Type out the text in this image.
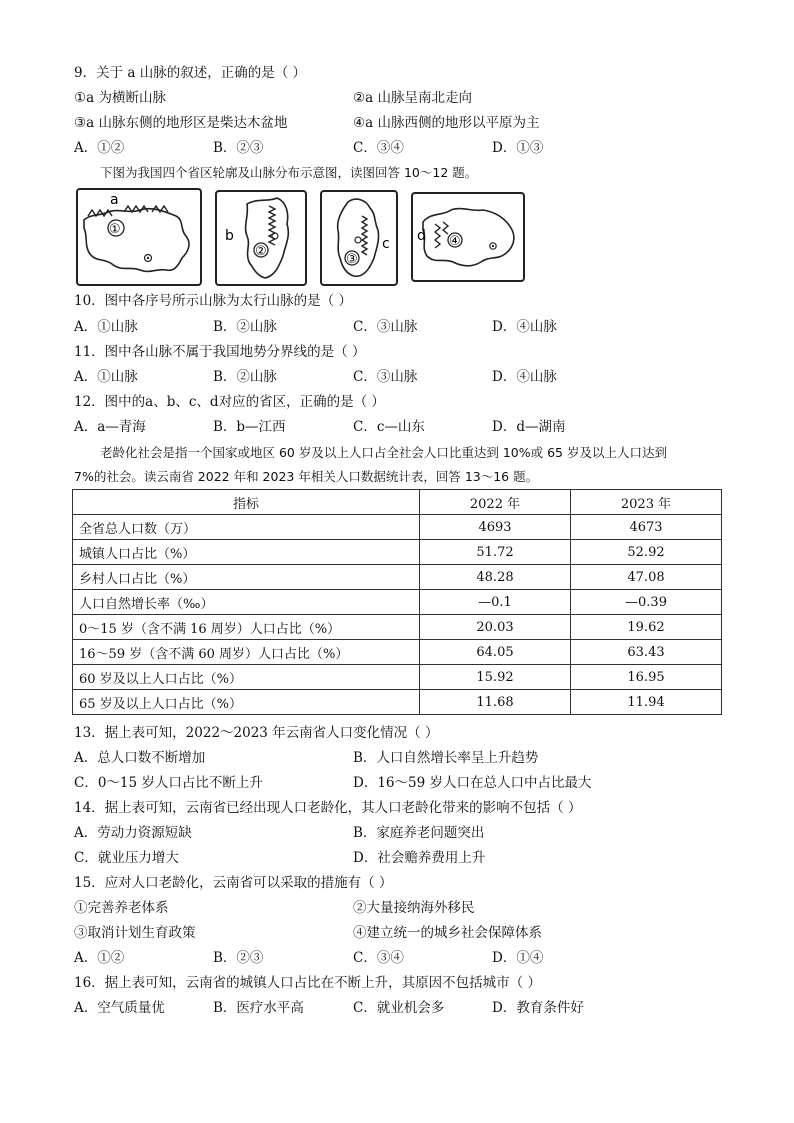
9．关于 a 山脉的叙述，正确的是（ ）
①a 为横断山脉	②a 山脉呈南北走向
③a 山脉东侧的地形区是柴达木盆地	④a 山脉西侧的地形以平原为主
A．①②	B．②③	C．③④	D．①③
下图为我国四个省区轮廓及山脉分布示意图，读图回答 10～12 题。
a
①	b
②	c
③
d ④
10．图中各序号所示山脉为太行山脉的是（ ）
A．①山脉	B．②山脉	C．③山脉	D．④山脉
11．图中各山脉不属于我国地势分界线的是（ ）
A．①山脉	B．②山脉	C．③山脉	D．④山脉
12．图中的a、b、c、d对应的省区，正确的是（ ）
A．a—青海	B．b—江西	C．c—山东	D．d—湖南
老龄化社会是指一个国家或地区 60 岁及以上人口占全社会人口比重达到 10%或 65 岁及以上人口达到
7%的社会。读云南省 2022 年和 2023 年相关人口数据统计表，回答 13～16 题。
指标	2022 年	2023 年
全省总人口数（万）	4693	4673
城镇人口占比（%）	51.72	52.92
乡村人口占比（%）	48.28	47.08
人口自然增长率（‰）	—0.1	—0.39
0～15 岁（含不满 16 周岁）人口占比（%）	20.03	19.62
16～59 岁（含不满 60 周岁）人口占比（%）	64.05	63.43
60 岁及以上人口占比（%）	15.92	16.95
65 岁及以上人口占比（%）	11.68	11.94
13．据上表可知，2022～2023 年云南省人口变化情况（ ）
A．总人口数不断增加	B．人口自然增长率呈上升趋势
C．0～15 岁人口占比不断上升	D．16～59 岁人口在总人口中占比最大
14．据上表可知，云南省已经出现人口老龄化，其人口老龄化带来的影响不包括（ ）
A．劳动力资源短缺	B．家庭养老问题突出
C．就业压力增大	D．社会赡养费用上升
15．应对人口老龄化，云南省可以采取的措施有（ ）
①完善养老体系	②大量接纳海外移民
③取消计划生育政策	④建立统一的城乡社会保障体系
A．①②	B．②③	C．③④	D．①④
16．据上表可知，云南省的城镇人口占比在不断上升，其原因不包括城市（ ）
A．空气质量优	B．医疗水平高	C．就业机会多	D．教育条件好
